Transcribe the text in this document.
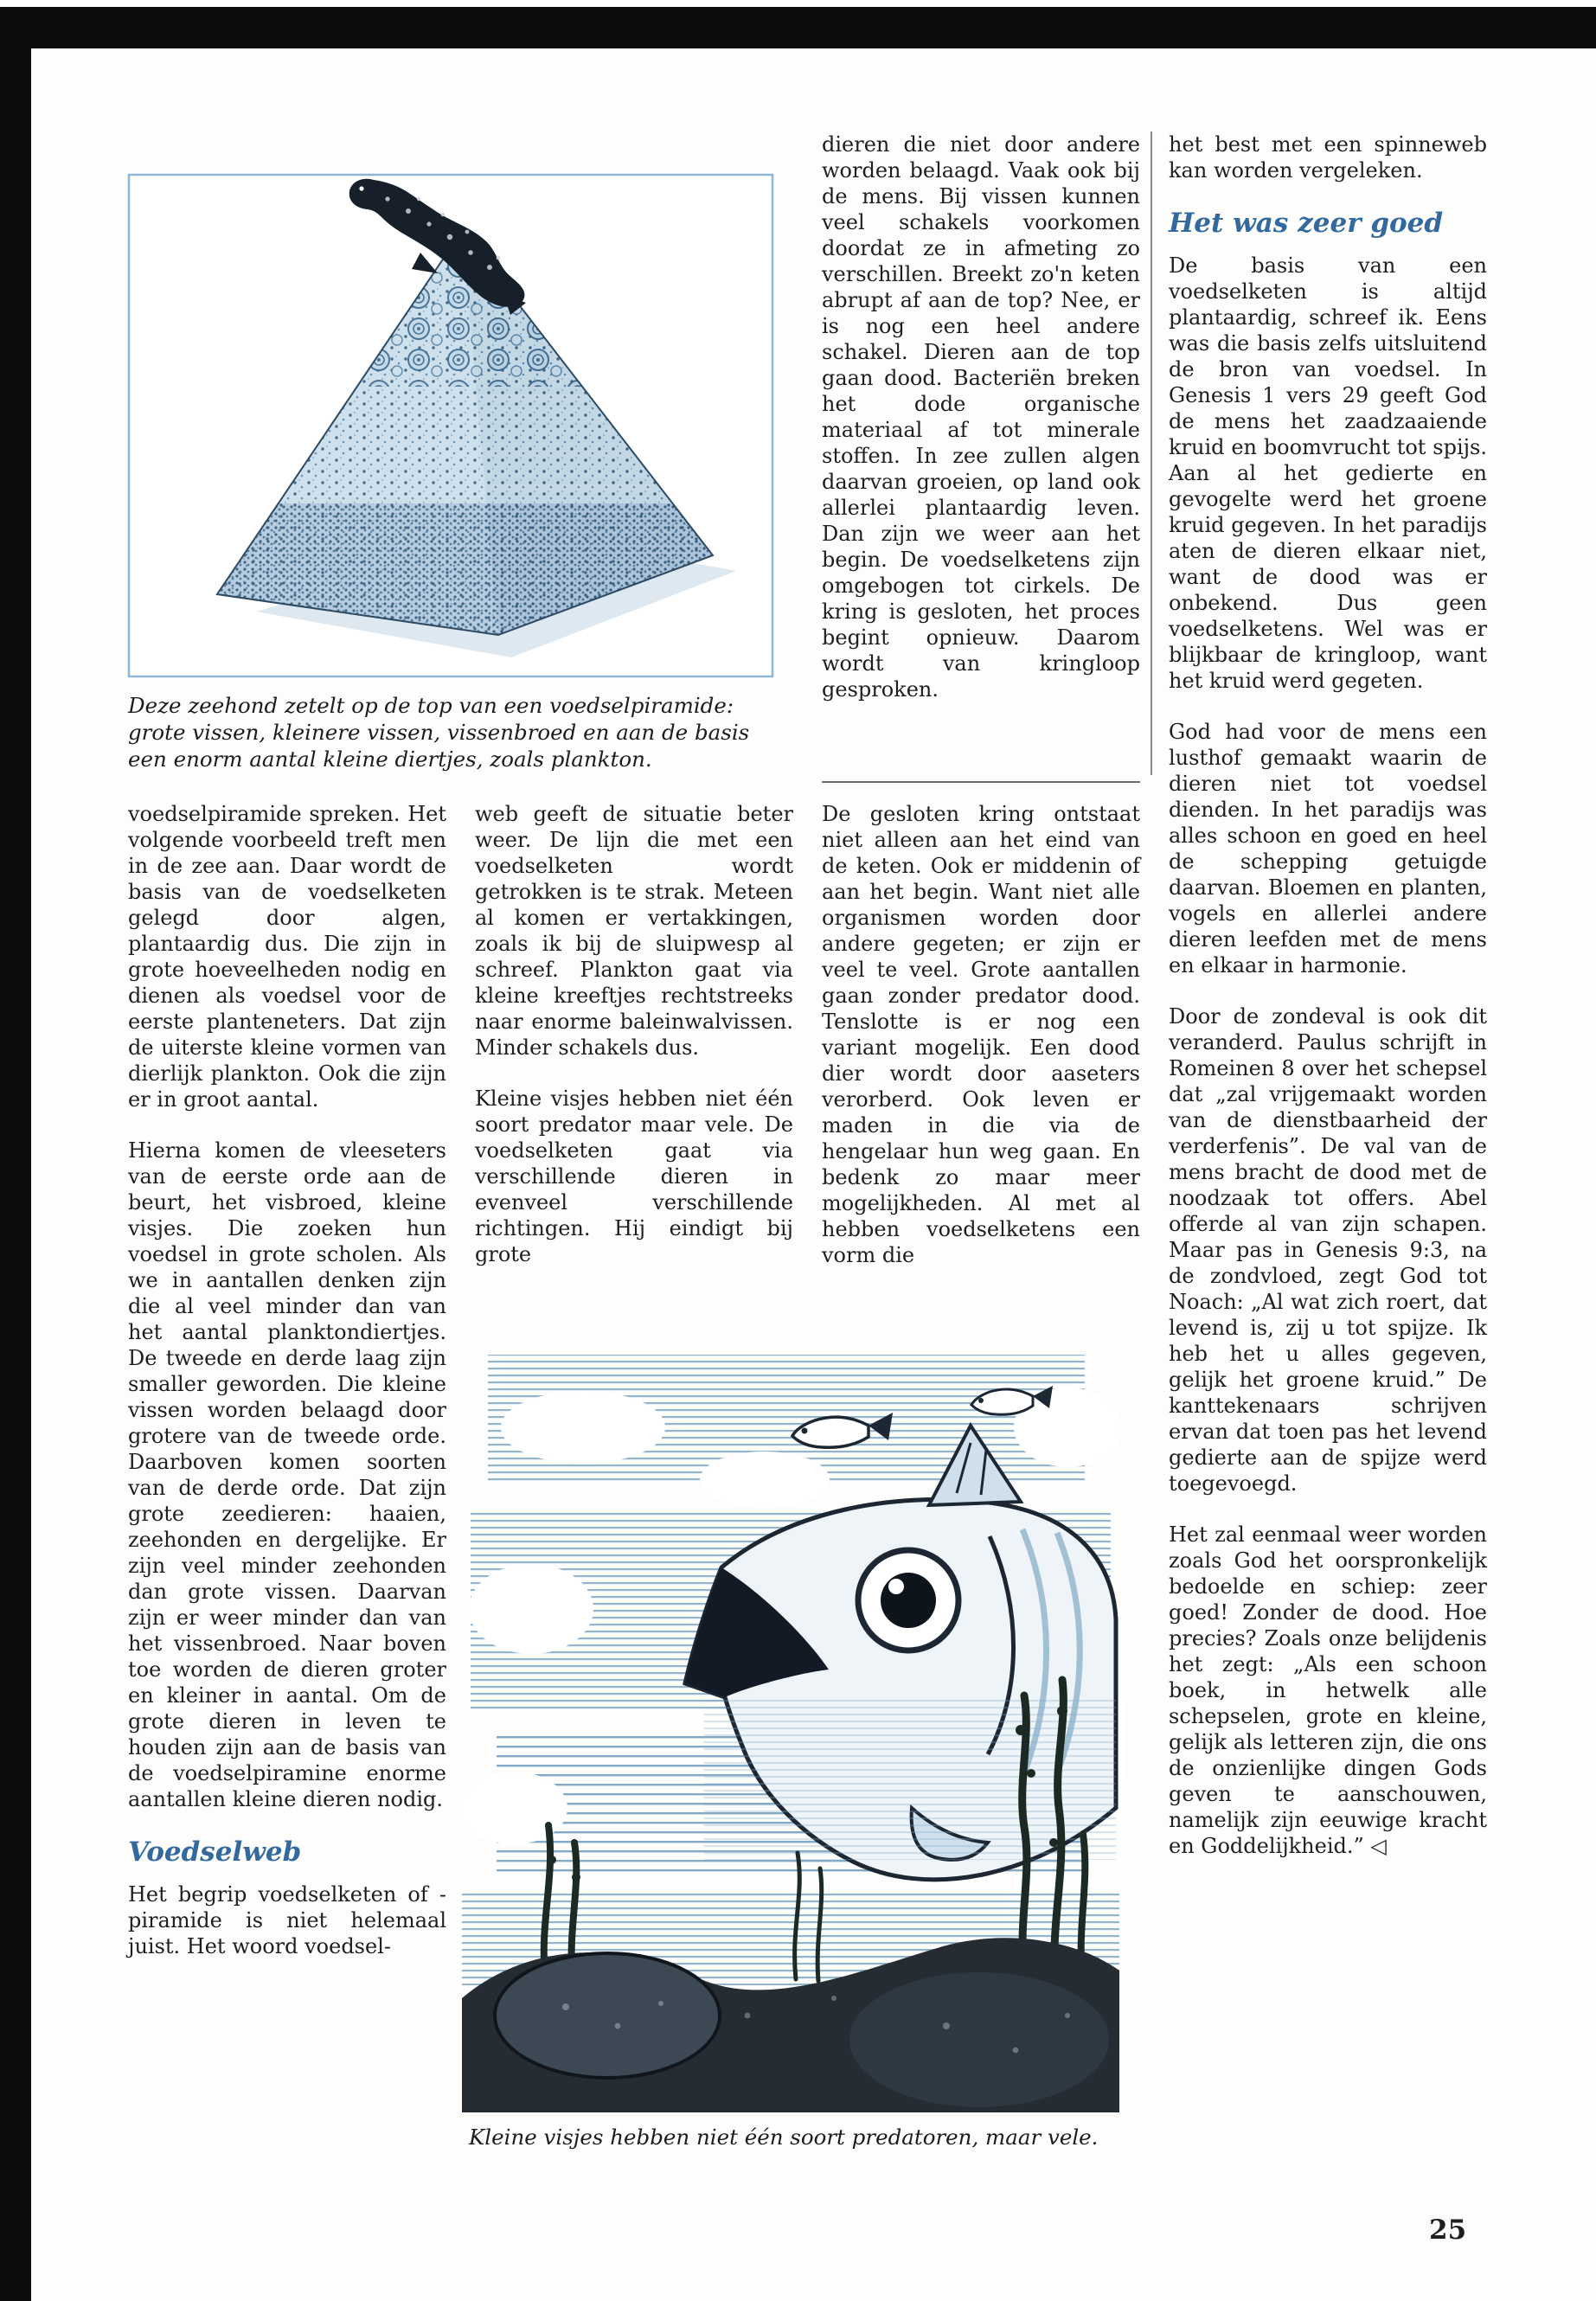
Deze zeehond zetelt op de top van een voedselpiramide: grote vissen, kleinere vissen, vissenbroed en aan de basis een enorm aantal kleine diertjes, zoals plankton.

voedselpiramide spreken. Het volgende voorbeeld treft men in de zee aan. Daar wordt de basis van de voedselketen gelegd door algen, plantaardig dus. Die zijn in grote hoeveelheden nodig en dienen als voedsel voor de eerste planteneters. Dat zijn de uiterste kleine vormen van dierlijk plankton. Ook die zijn er in groot aantal.

Hierna komen de vleeseters van de eerste orde aan de beurt, het visbroed, kleine visjes. Die zoeken hun voedsel in grote scholen. Als we in aantallen denken zijn die al veel minder dan van het aantal planktondiertjes. De tweede en derde laag zijn smaller geworden. Die kleine vissen worden belaagd door grotere van de tweede orde. Daarboven komen soorten van de derde orde. Dat zijn grote zeedieren: haaien, zeehonden en dergelijke. Er zijn veel minder zeehonden dan grote vissen. Daarvan zijn er weer minder dan van het vissenbroed. Naar boven toe worden de dieren groter en kleiner in aantal. Om de grote dieren in leven te houden zijn aan de basis van de voedselpiramine enorme aantallen kleine dieren nodig.

Voedselweb

Het begrip voedselketen of -piramide is niet helemaal juist. Het woord voedsel-

web geeft de situatie beter weer. De lijn die met een voedselketen wordt getrokken is te strak. Meteen al komen er vertakkingen, zoals ik bij de sluipwesp al schreef. Plankton gaat via kleine kreeftjes rechtstreeks naar enorme baleinwalvissen. Minder schakels dus.

Kleine visjes hebben niet één soort predator maar vele. De voedselketen gaat via verschillende dieren in evenveel verschillende richtingen. Hij eindigt bij grote

dieren die niet door andere worden belaagd. Vaak ook bij de mens. Bij vissen kunnen veel schakels voorkomen doordat ze in afmeting zo verschillen. Breekt zo'n keten abrupt af aan de top? Nee, er is nog een heel andere schakel. Dieren aan de top gaan dood. Bacteriën breken het dode organische materiaal af tot minerale stoffen. In zee zullen algen daarvan groeien, op land ook allerlei plantaardig leven. Dan zijn we weer aan het begin. De voedselketens zijn omgebogen tot cirkels. De kring is gesloten, het proces begint opnieuw. Daarom wordt van kringloop gesproken.

De gesloten kring ontstaat niet alleen aan het eind van de keten. Ook er middenin of aan het begin. Want niet alle organismen worden door andere gegeten; er zijn er veel te veel. Grote aantallen gaan zonder predator dood. Tenslotte is er nog een variant mogelijk. Een dood dier wordt door aaseters verorberd. Ook leven er maden in die via de hengelaar hun weg gaan. En bedenk zo maar meer mogelijkheden. Al met al hebben voedselketens een vorm die

het best met een spinneweb kan worden vergeleken.

Het was zeer goed

De basis van een voedselketen is altijd plantaardig, schreef ik. Eens was die basis zelfs uitsluitend de bron van voedsel. In Genesis 1 vers 29 geeft God de mens het zaadzaaiende kruid en boomvrucht tot spijs. Aan al het gedierte en gevogelte werd het groene kruid gegeven. In het paradijs aten de dieren elkaar niet, want de dood was er onbekend. Dus geen voedselketens. Wel was er blijkbaar de kringloop, want het kruid werd gegeten.

God had voor de mens een lusthof gemaakt waarin de dieren niet tot voedsel dienden. In het paradijs was alles schoon en goed en heel de schepping getuigde daarvan. Bloemen en planten, vogels en allerlei andere dieren leefden met de mens en elkaar in harmonie.

Door de zondeval is ook dit veranderd. Paulus schrijft in Romeinen 8 over het schepsel dat „zal vrijgemaakt worden van de dienstbaarheid der verderfenis”. De val van de mens bracht de dood met de noodzaak tot offers. Abel offerde al van zijn schapen. Maar pas in Genesis 9:3, na de zondvloed, zegt God tot Noach: „Al wat zich roert, dat levend is, zij u tot spijze. Ik heb het u alles gegeven, gelijk het groene kruid.” De kanttekenaars schrijven ervan dat toen pas het levend gedierte aan de spijze werd toegevoegd.

Het zal eenmaal weer worden zoals God het oorspronkelijk bedoelde en schiep: zeer goed! Zonder de dood. Hoe precies? Zoals onze belijdenis het zegt: „Als een schoon boek, in hetwelk alle schepselen, grote en kleine, gelijk als letteren zijn, die ons de onzienlijke dingen Gods geven te aanschouwen, namelijk zijn eeuwige kracht en Goddelijkheid.” ◁

Kleine visjes hebben niet één soort predatoren, maar vele.
25
